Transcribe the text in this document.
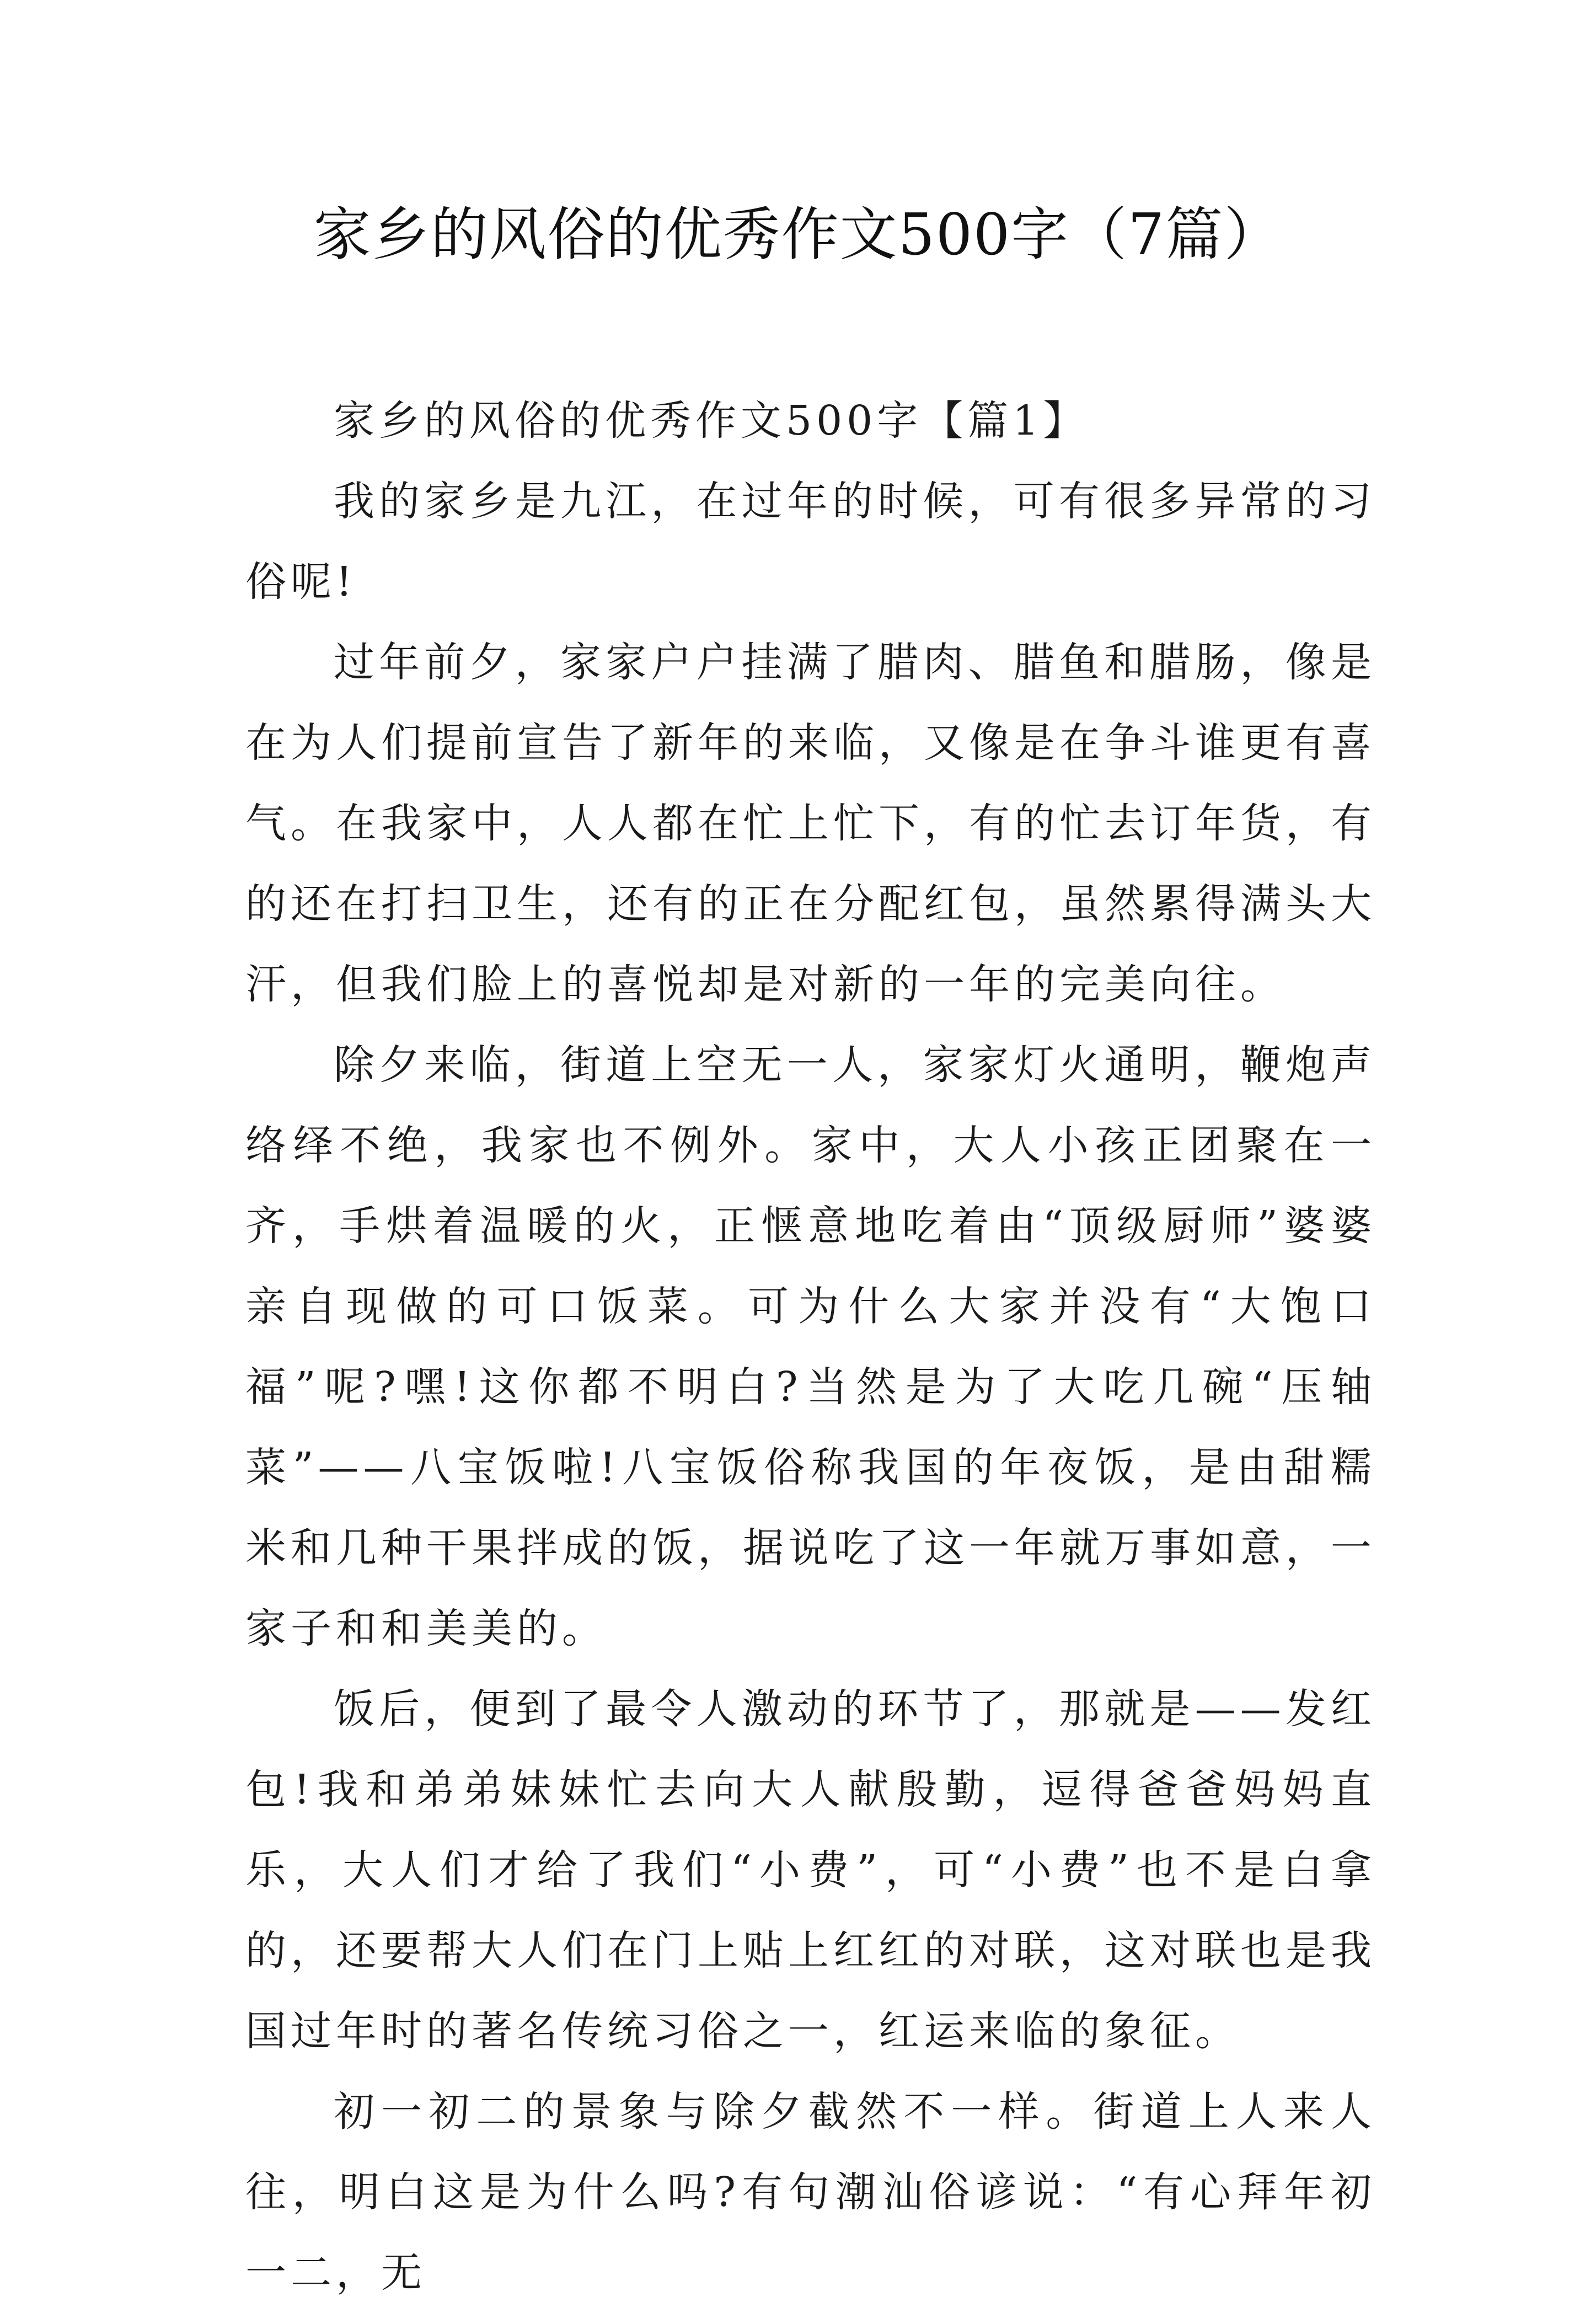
家乡的风俗的优秀作文500字（7篇）

家乡的风俗的优秀作文500字【篇1】

我的家乡是九江，在过年的时候，可有很多异常的习俗呢!

过年前夕，家家户户挂满了腊肉、腊鱼和腊肠，像是在为人们提前宣告了新年的来临，又像是在争斗谁更有喜气。在我家中，人人都在忙上忙下，有的忙去订年货，有的还在打扫卫生，还有的正在分配红包，虽然累得满头大汗，但我们脸上的喜悦却是对新的一年的完美向往。

除夕来临，街道上空无一人，家家灯火通明，鞭炮声络绎不绝，我家也不例外。家中，大人小孩正团聚在一齐，手烘着温暖的火，正惬意地吃着由“顶级厨师”婆婆亲自现做的可口饭菜。可为什么大家并没有“大饱口福”呢?嘿!这你都不明白?当然是为了大吃几碗“压轴菜”——八宝饭啦!八宝饭俗称我国的年夜饭，是由甜糯米和几种干果拌成的饭，据说吃了这一年就万事如意，一家子和和美美的。

饭后，便到了最令人激动的环节了，那就是——发红包!我和弟弟妹妹忙去向大人献殷勤，逗得爸爸妈妈直乐，大人们才给了我们“小费”，可“小费”也不是白拿的，还要帮大人们在门上贴上红红的对联，这对联也是我国过年时的著名传统习俗之一，红运来临的象征。

初一初二的景象与除夕截然不一样。街道上人来人往，明白这是为什么吗?有句潮汕俗谚说：“有心拜年初一二，无
